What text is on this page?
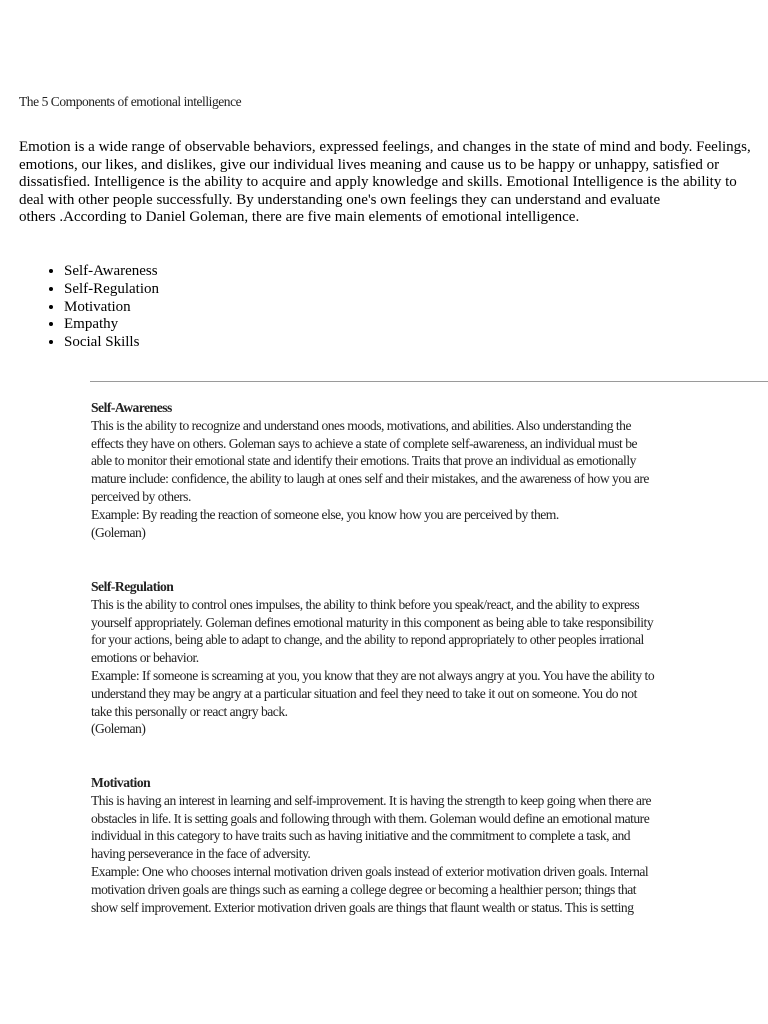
The 5 Components of emotional intelligence

Emotion is a wide range of observable behaviors, expressed feelings, and changes in the state of mind and body. Feelings,
emotions, our likes, and dislikes, give our individual lives meaning and cause us to be happy or unhappy, satisfied or
dissatisfied. Intelligence is the ability to acquire and apply knowledge and skills. Emotional Intelligence is the ability to
deal with other people successfully. By understanding one's own feelings they can understand and evaluate
others .According to Daniel Goleman, there are five main elements of emotional intelligence.

• Self-Awareness
• Self-Regulation
• Motivation
• Empathy
• Social Skills
Self-Awareness
This is the ability to recognize and understand ones moods, motivations, and abilities. Also understanding the
effects they have on others. Goleman says to achieve a state of complete self-awareness, an individual must be
able to monitor their emotional state and identify their emotions. Traits that prove an individual as emotionally
mature include: confidence, the ability to laugh at ones self and their mistakes, and the awareness of how you are
perceived by others.
Example: By reading the reaction of someone else, you know how you are perceived by them.
(Goleman)
Self-Regulation
This is the ability to control ones impulses, the ability to think before you speak/react, and the ability to express
yourself appropriately. Goleman defines emotional maturity in this component as being able to take responsibility
for your actions, being able to adapt to change, and the ability to repond appropriately to other peoples irrational
emotions or behavior.
Example: If someone is screaming at you, you know that they are not always angry at you. You have the ability to
understand they may be angry at a particular situation and feel they need to take it out on someone. You do not
take this personally or react angry back.
(Goleman)
Motivation
This is having an interest in learning and self-improvement. It is having the strength to keep going when there are
obstacles in life. It is setting goals and following through with them. Goleman would define an emotional mature
individual in this category to have traits such as having initiative and the commitment to complete a task, and
having perseverance in the face of adversity.
Example: One who chooses internal motivation driven goals instead of exterior motivation driven goals. Internal
motivation driven goals are things such as earning a college degree or becoming a healthier person; things that
show self improvement. Exterior motivation driven goals are things that flaunt wealth or status. This is setting
